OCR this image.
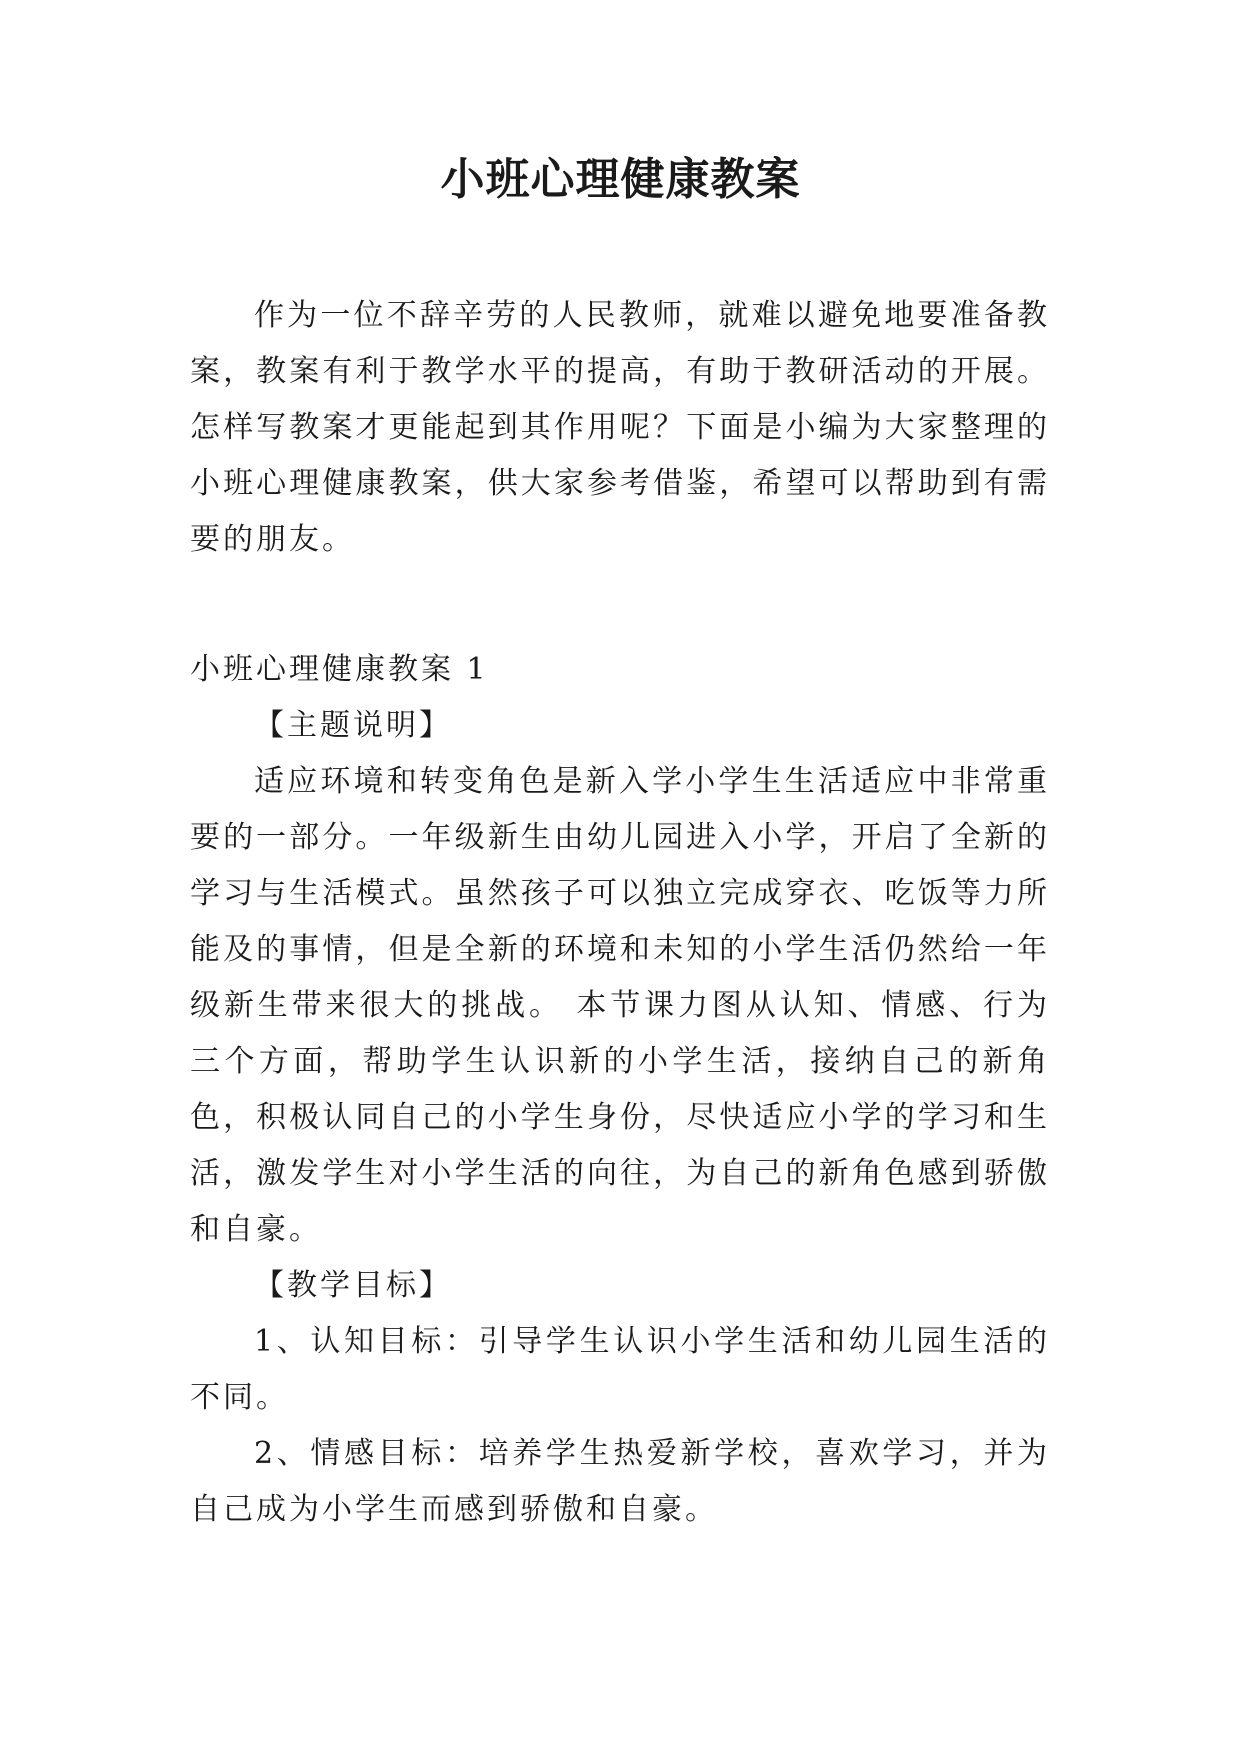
小班心理健康教案

作为一位不辞辛劳的人民教师，就难以避免地要准备教案，教案有利于教学水平的提高，有助于教研活动的开展。怎样写教案才更能起到其作用呢？下面是小编为大家整理的小班心理健康教案，供大家参考借鉴，希望可以帮助到有需要的朋友。

小班心理健康教案 1

【主题说明】

适应环境和转变角色是新入学小学生生活适应中非常重要的一部分。一年级新生由幼儿园进入小学，开启了全新的学习与生活模式。虽然孩子可以独立完成穿衣、吃饭等力所能及的事情，但是全新的环境和未知的小学生活仍然给一年级新生带来很大的挑战。 本节课力图从认知、情感、行为三个方面，帮助学生认识新的小学生活，接纳自己的新角色，积极认同自己的小学生身份，尽快适应小学的学习和生活，激发学生对小学生活的向往，为自己的新角色感到骄傲和自豪。

【教学目标】

1、认知目标：引导学生认识小学生活和幼儿园生活的不同。

2、情感目标：培养学生热爱新学校，喜欢学习，并为自己成为小学生而感到骄傲和自豪。
